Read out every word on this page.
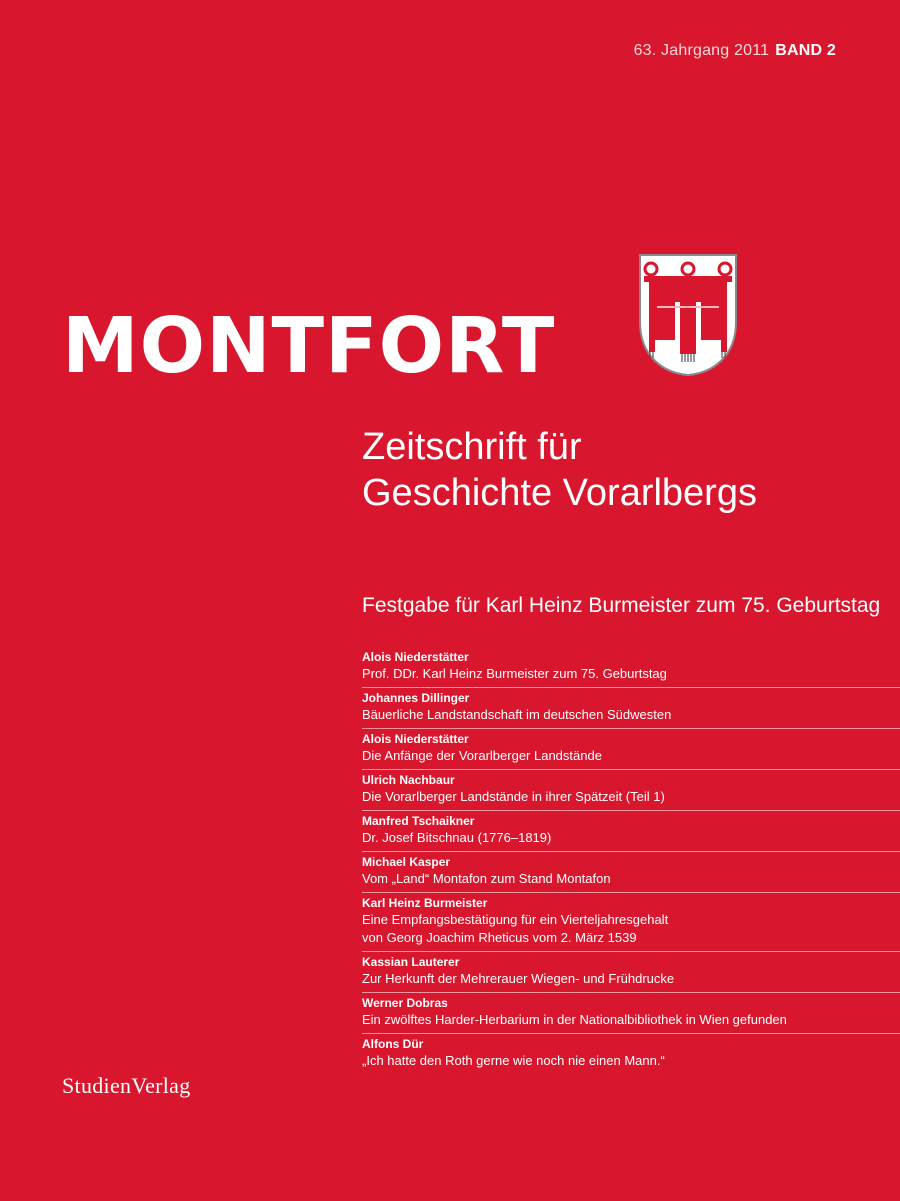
63. Jahrgang 2011 BAND 2
MONTFORT
Zeitschrift für
Geschichte Vorarlbergs
Festgabe für Karl Heinz Burmeister zum 75. Geburtstag
Alois Niederstätter
Prof. DDr. Karl Heinz Burmeister zum 75. Geburtstag
Johannes Dillinger
Bäuerliche Landstandschaft im deutschen Südwesten
Alois Niederstätter
Die Anfänge der Vorarlberger Landstände
Ulrich Nachbaur
Die Vorarlberger Landstände in ihrer Spätzeit (Teil 1)
Manfred Tschaikner
Dr. Josef Bitschnau (1776–1819)
Michael Kasper
Vom „Land“ Montafon zum Stand Montafon
Karl Heinz Burmeister
Eine Empfangsbestätigung für ein Vierteljahresgehalt
von Georg Joachim Rheticus vom 2. März 1539
Kassian Lauterer
Zur Herkunft der Mehrerauer Wiegen- und Frühdrucke
Werner Dobras
Ein zwölftes Harder-Herbarium in der Nationalbibliothek in Wien gefunden
Alfons Dür
„Ich hatte den Roth gerne wie noch nie einen Mann.“
StudienVerlag
